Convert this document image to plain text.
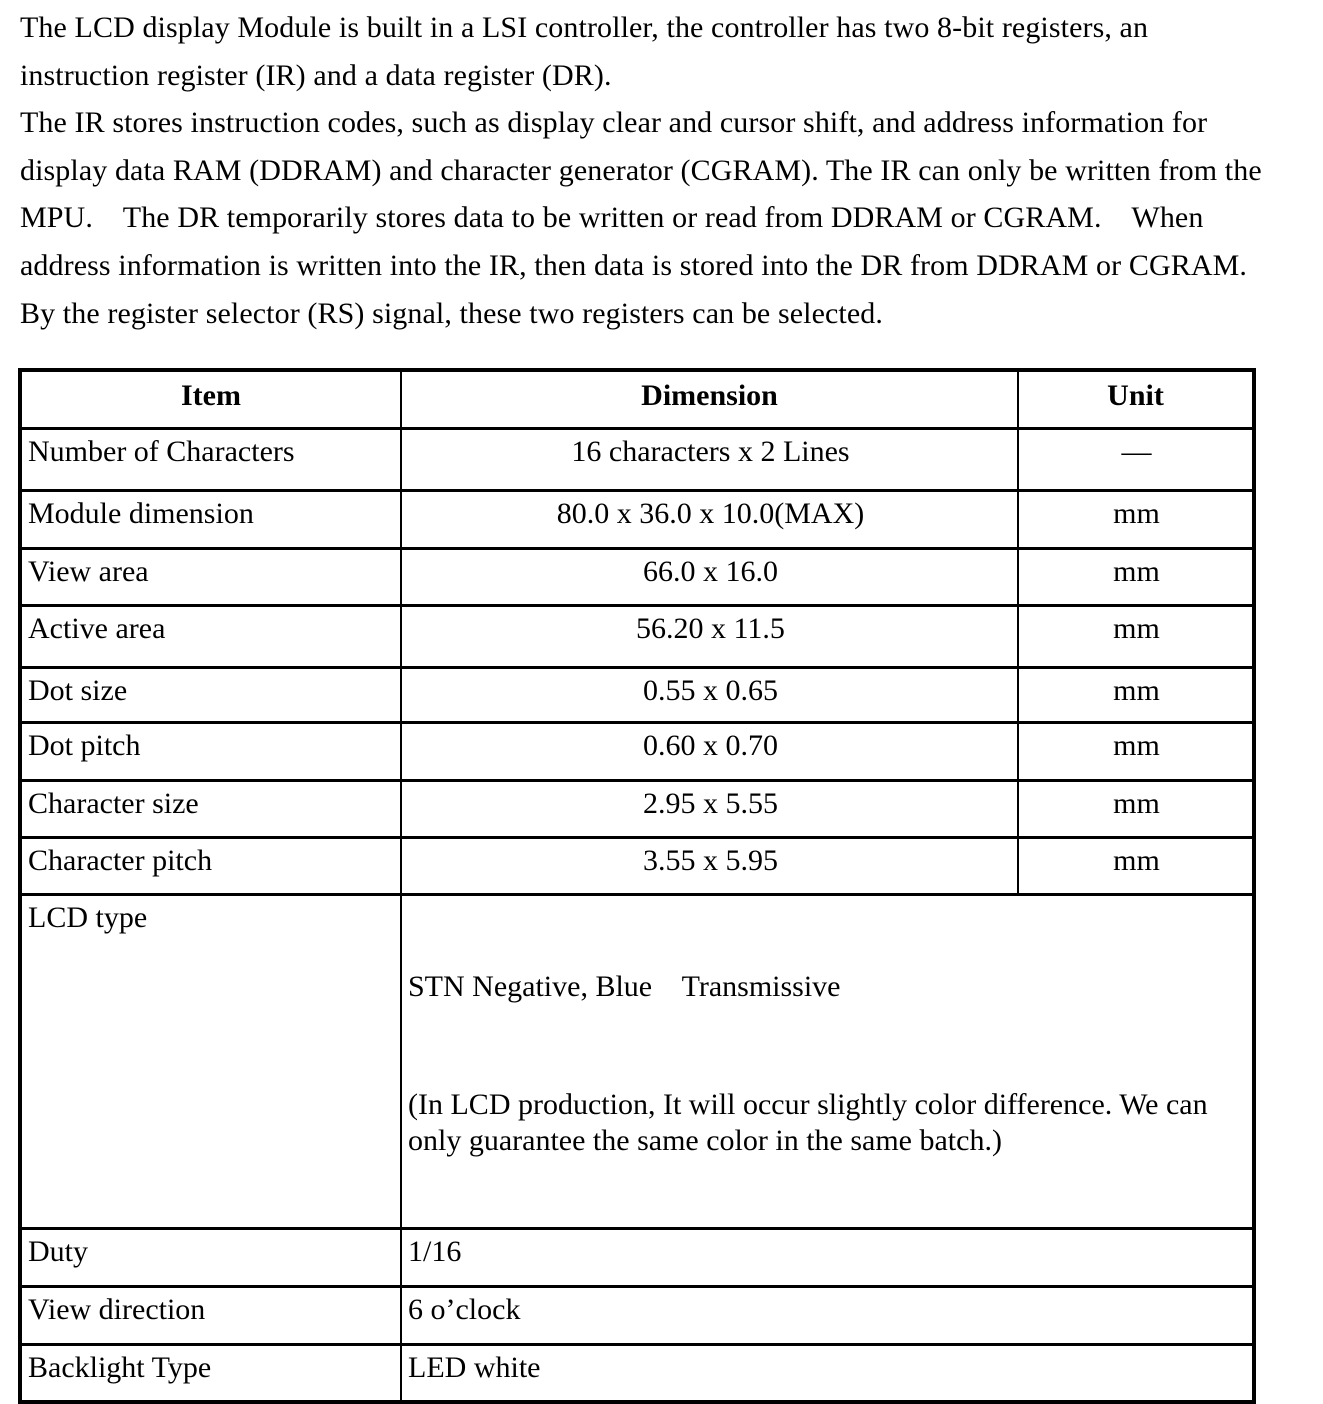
The LCD display Module is built in a LSI controller, the controller has two 8-bit registers, an
instruction register (IR) and a data register (DR).
The IR stores instruction codes, such as display clear and cursor shift, and address information for
display data RAM (DDRAM) and character generator (CGRAM). The IR can only be written from the
MPU.    The DR temporarily stores data to be written or read from DDRAM or CGRAM.    When
address information is written into the IR, then data is stored into the DR from DDRAM or CGRAM.
By the register selector (RS) signal, these two registers can be selected.
Item	Dimension	Unit
Number of Characters	16 characters x 2 Lines	—
Module dimension	80.0 x 36.0 x 10.0(MAX)	mm
View area	66.0 x 16.0	mm
Active area	56.20 x 11.5	mm
Dot size	0.55 x 0.65	mm
Dot pitch	0.60 x 0.70	mm
Character size	2.95 x 5.55	mm
Character pitch	3.55 x 5.95	mm
LCD type	STN Negative, Blue    Transmissive

(In LCD production, It will occur slightly color difference. We can only guarantee the same color in the same batch.)	

Duty	1/16	
View direction	6 o’clock	
Backlight Type	LED white	
